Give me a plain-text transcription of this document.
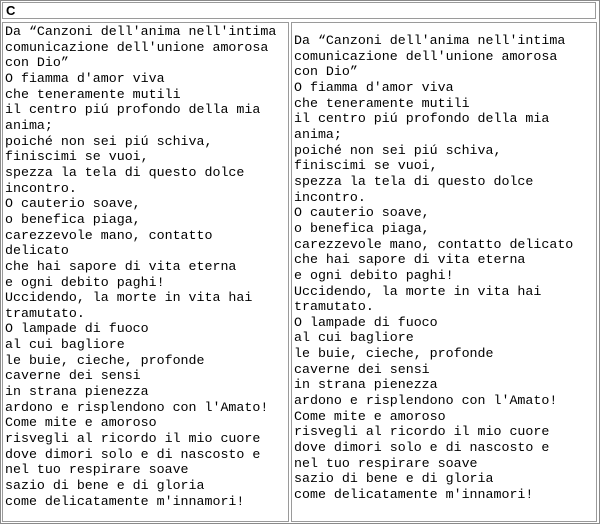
C
Da “Canzoni dell'anima nell'intima
comunicazione dell'unione amorosa
con Dio”
O fiamma d'amor viva
che teneramente mutili
il centro piú profondo della mia
anima;
poiché non sei piú schiva,
finiscimi se vuoi,
spezza la tela di questo dolce
incontro.
O cauterio soave,
o benefica piaga,
carezzevole mano, contatto
delicato
che hai sapore di vita eterna
e ogni debito paghi!
Uccidendo, la morte in vita hai
tramutato.
O lampade di fuoco
al cui bagliore
le buie, cieche, profonde
caverne dei sensi
in strana pienezza
ardono e risplendono con l'Amato!
Come mite e amoroso
risvegli al ricordo il mio cuore
dove dimori solo e di nascosto e
nel tuo respirare soave
sazio di bene e di gloria
come delicatamente m'innamori!
Da “Canzoni dell'anima nell'intima
comunicazione dell'unione amorosa
con Dio”
O fiamma d'amor viva
che teneramente mutili
il centro piú profondo della mia
anima;
poiché non sei piú schiva,
finiscimi se vuoi,
spezza la tela di questo dolce
incontro.
O cauterio soave,
o benefica piaga,
carezzevole mano, contatto delicato
che hai sapore di vita eterna
e ogni debito paghi!
Uccidendo, la morte in vita hai
tramutato.
O lampade di fuoco
al cui bagliore
le buie, cieche, profonde
caverne dei sensi
in strana pienezza
ardono e risplendono con l'Amato!
Come mite e amoroso
risvegli al ricordo il mio cuore
dove dimori solo e di nascosto e
nel tuo respirare soave
sazio di bene e di gloria
come delicatamente m'innamori!
